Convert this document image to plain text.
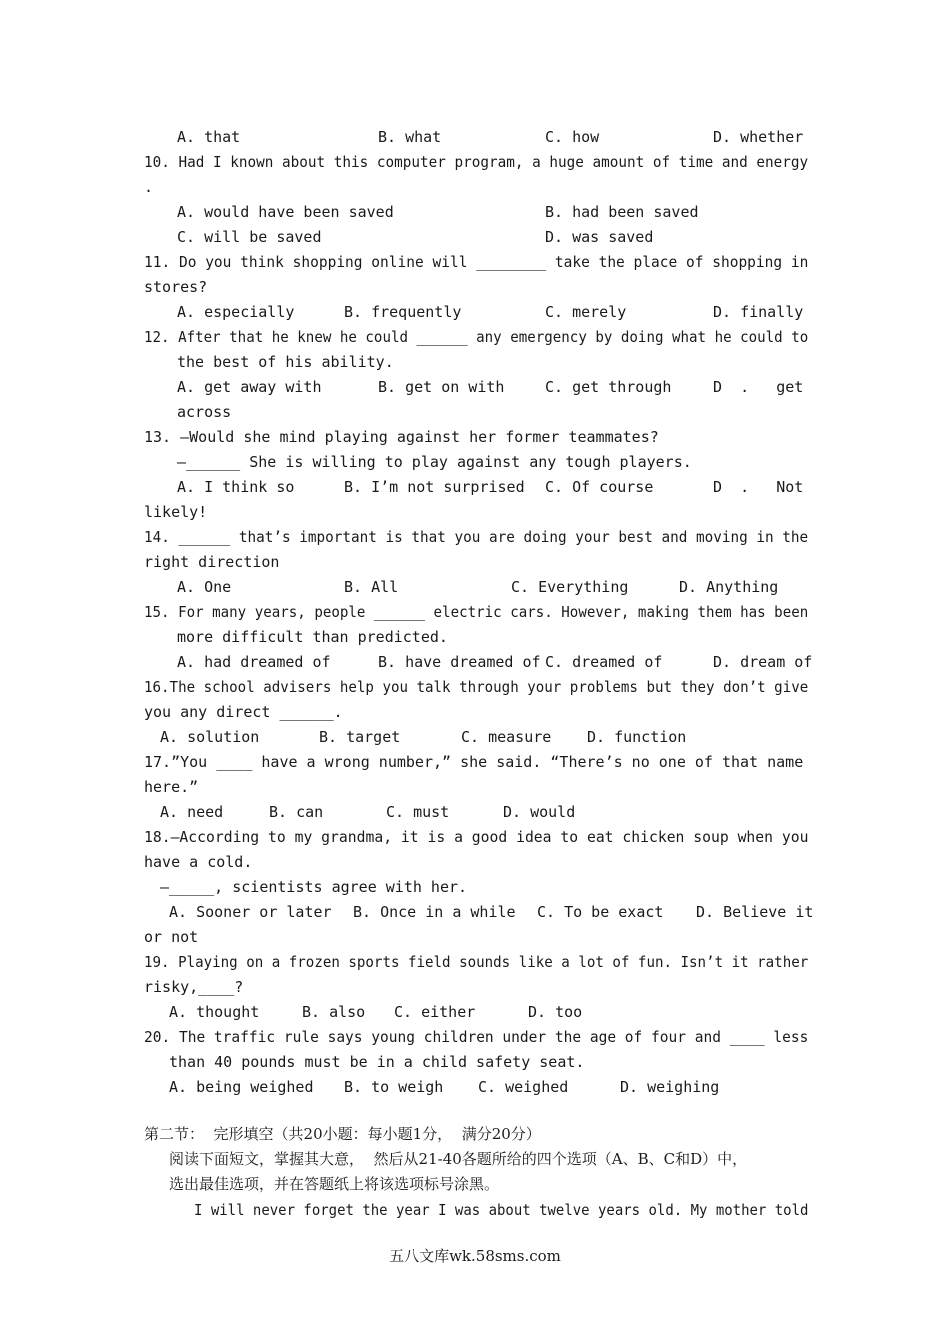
A. that	B. what	C. how	D. whether
10. Had I known about this computer program, a huge amount of time and energy
.
A. would have been saved	B. had been saved
C. will be saved	D. was saved
11. Do you think shopping online will ________ take the place of shopping in
stores?
A. especially	B. frequently	C. merely	D. finally
12. After that he knew he could ______ any emergency by doing what he could to
the best of his ability.
A. get away with	B. get on with	C. get through	D  .   get
across
13. —Would she mind playing against her former teammates?
—______ She is willing to play against any tough players.
A. I think so	B. I’m not surprised C. Of course	D  .   Not
likely!
14. ______ that’s important is that you are doing your best and moving in the
right direction
A. One	B. All	C. Everything	D. Anything
15. For many years, people ______ electric cars. However, making them has been
more difficult than predicted.
A. had dreamed of	B. have dreamed of C. dreamed of	D. dream of
16.The school advisers help you talk through your problems but they don’t give
you any direct ______.
A. solution	B. target	C. measure D. function
17.”You ____ have a wrong number,” she said. “There’s no one of that name
here.”
A. need	B. can	C. must	D. would
18.—According to my grandma, it is a good idea to eat chicken soup when you
have a cold.
—_____, scientists agree with her.
A. Sooner or later B. Once in a while C. To be exact D. Believe it
or not
19. Playing on a frozen sports field sounds like a lot of fun. Isn’t it rather
risky,____?
A. thought	B. also C. either	D. too
20. The traffic rule says young children under the age of four and ____ less
than 40 pounds must be in a child safety seat.
A. being weighed B. to weigh C. weighed	D. weighing
第二节：  完形填空（共20小题：每小题1分，  满分20分）
阅读下面短文，掌握其大意，  然后从21-40各题所给的四个选项（A、B、C和D）中，
选出最佳选项，并在答题纸上将该选项标号涂黑。
I will never forget the year I was about twelve years old. My mother told
五八文库wk.58sms.com
